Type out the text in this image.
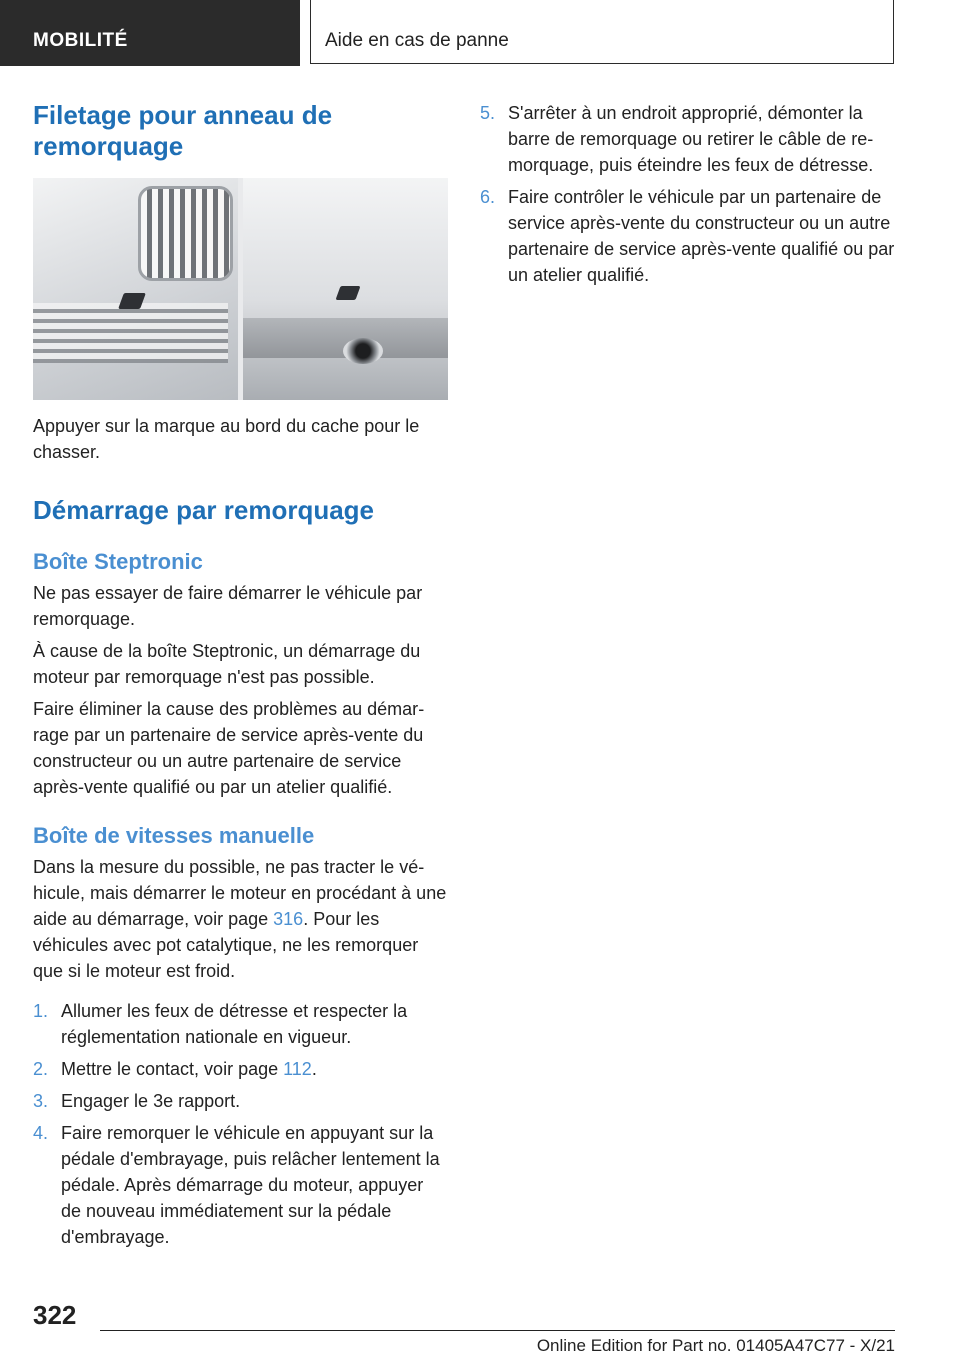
MOBILITÉ	Aide en cas de panne
Filetage pour anneau de remorquage

Appuyer sur la marque au bord du cache pour le chasser.

Démarrage par remorquage
Boîte Steptronic

Ne pas essayer de faire démarrer le véhicule par remorquage.

À cause de la boîte Steptronic, un démarrage du moteur par remorquage n'est pas possible.

Faire éliminer la cause des problèmes au démarrage par un partenaire de service après-vente du constructeur ou un autre partenaire de service après-vente qualifié ou par un atelier qualifié.

Boîte de vitesses manuelle

Dans la mesure du possible, ne pas tracter le véhicule, mais démarrer le moteur en procédant à une aide au démarrage, voir page 316. Pour les véhicules avec pot catalytique, ne les remorquer que si le moteur est froid.

1. Allumer les feux de détresse et respecter la réglementation nationale en vigueur.
2. Mettre le contact, voir page 112.
3. Engager le 3e rapport.
4. Faire remorquer le véhicule en appuyant sur la pédale d'embrayage, puis relâcher lentement la pédale. Après démarrage du moteur, appuyer de nouveau immédiatement sur la pédale d'embrayage.
5. S'arrêter à un endroit approprié, démonter la barre de remorquage ou retirer le câble de remorquage, puis éteindre les feux de détresse.
6. Faire contrôler le véhicule par un partenaire de service après-vente du constructeur ou un autre partenaire de service après-vente qualifié ou par un atelier qualifié.
322
Online Edition for Part no. 01405A47C77 - X/21
